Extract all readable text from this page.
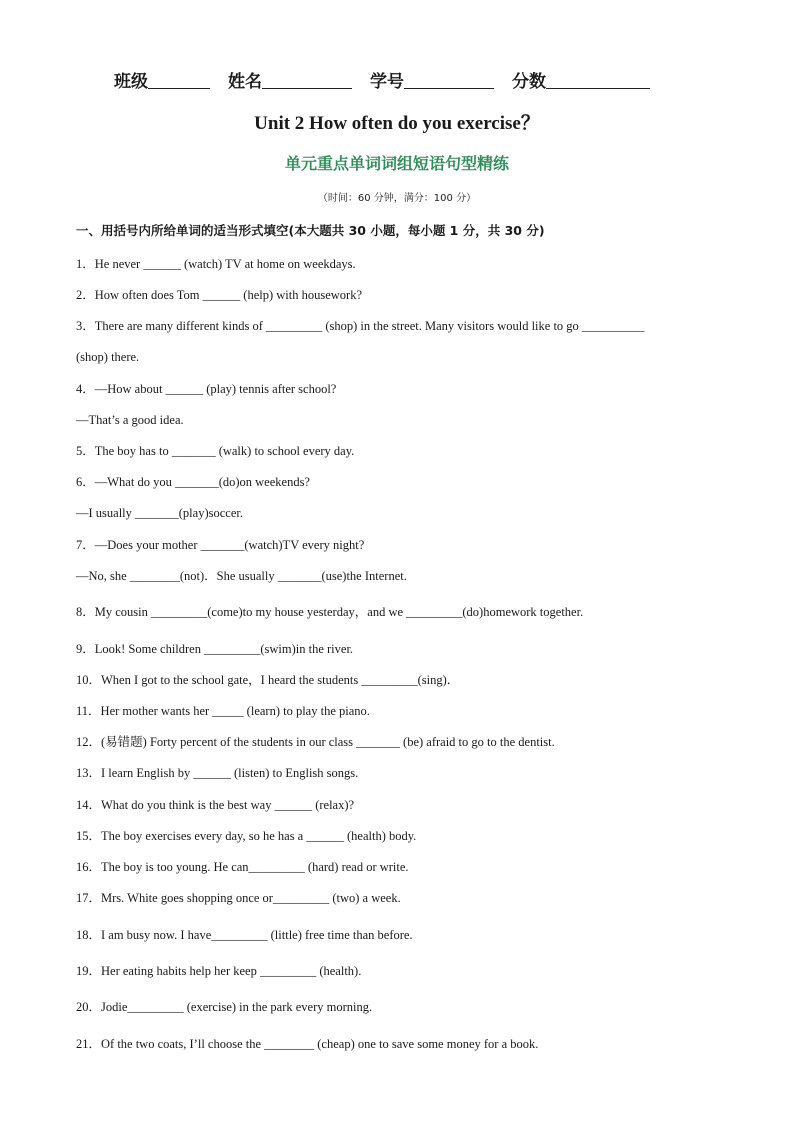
班级	姓名	学号	分数
Unit 2 How often do you exercise？
单元重点单词词组短语句型精练
（时间：60 分钟，满分：100 分）
一、用括号内所给单词的适当形式填空(本大题共 30 小题，每小题 1 分，共 30 分)
1．He never ______ (watch) TV at home on weekdays.
2．How often does Tom ______ (help) with housework?
3．There are many different kinds of _________ (shop) in the street. Many visitors would like to go __________
(shop) there.
4．—How about ______ (play) tennis after school?
—That’s a good idea.
5．The boy has to _______ (walk) to school every day.
6．—What do you _______(do)on weekends?
—I usually _______(play)soccer.
7．—Does your mother _______(watch)TV every night?
—No, she ________(not)．She usually _______(use)the Internet.
8．My cousin _________(come)to my house yesterday，and we _________(do)homework together.
9．Look! Some children _________(swim)in the river.
10．When I got to the school gate，I heard the students _________(sing)．
11．Her mother wants her _____ (learn) to play the piano.
12．(易错题) Forty percent of the students in our class _______ (be) afraid to go to the dentist.
13．I learn English by ______ (listen) to English songs.
14．What do you think is the best way ______ (relax)?
15．The boy exercises every day, so he has a ______ (health) body.
16．The boy is too young. He can_________ (hard) read or write.
17．Mrs. White goes shopping once or_________ (two) a week.
18．I am busy now. I have_________ (little) free time than before.
19．Her eating habits help her keep _________ (health).
20．Jodie_________ (exercise) in the park every morning.
21．Of the two coats, I’ll choose the ________ (cheap) one to save some money for a book.
